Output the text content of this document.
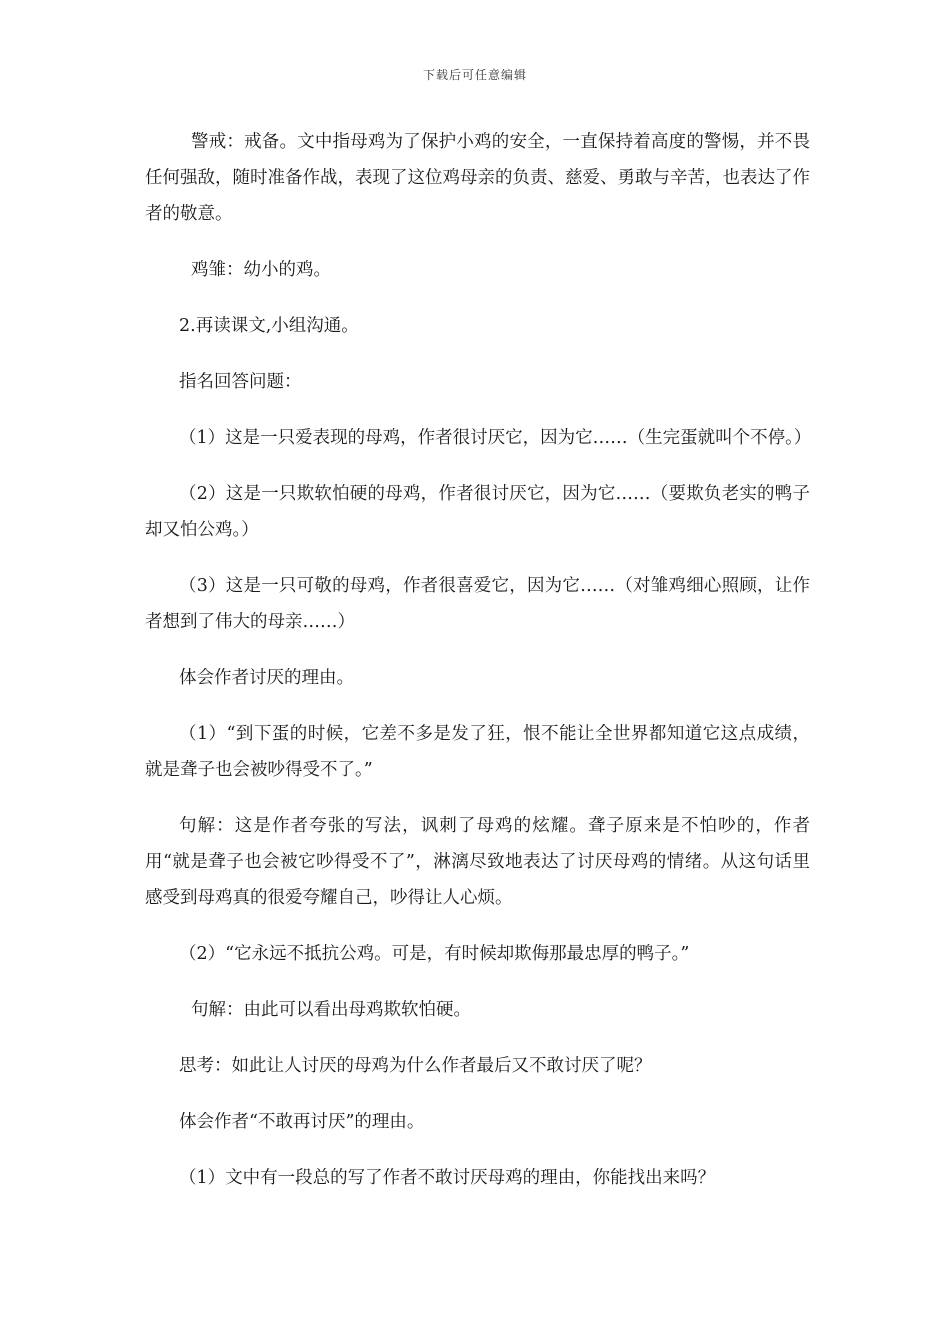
下载后可任意编辑

警戒：戒备。文中指母鸡为了保护小鸡的安全，一直保持着高度的警惕，并不畏任何强敌，随时准备作战，表现了这位鸡母亲的负责、慈爱、勇敢与辛苦，也表达了作者的敬意。

鸡雏：幼小的鸡。

2.再读课文,小组沟通。

指名回答问题：

（1）这是一只爱表现的母鸡，作者很讨厌它，因为它……（生完蛋就叫个不停。）

（2）这是一只欺软怕硬的母鸡，作者很讨厌它，因为它……（要欺负老实的鸭子却又怕公鸡。）

（3）这是一只可敬的母鸡，作者很喜爱它，因为它……（对雏鸡细心照顾，让作者想到了伟大的母亲……）

体会作者讨厌的理由。

（1）“到下蛋的时候，它差不多是发了狂，恨不能让全世界都知道它这点成绩，就是聋子也会被吵得受不了。”

句解：这是作者夸张的写法，讽刺了母鸡的炫耀。聋子原来是不怕吵的，作者用“就是聋子也会被它吵得受不了”，淋漓尽致地表达了讨厌母鸡的情绪。从这句话里感受到母鸡真的很爱夸耀自己，吵得让人心烦。

（2）“它永远不抵抗公鸡。可是，有时候却欺侮那最忠厚的鸭子。”

句解：由此可以看出母鸡欺软怕硬。

思考：如此让人讨厌的母鸡为什么作者最后又不敢讨厌了呢？

体会作者“不敢再讨厌”的理由。

（1）文中有一段总的写了作者不敢讨厌母鸡的理由，你能找出来吗？
